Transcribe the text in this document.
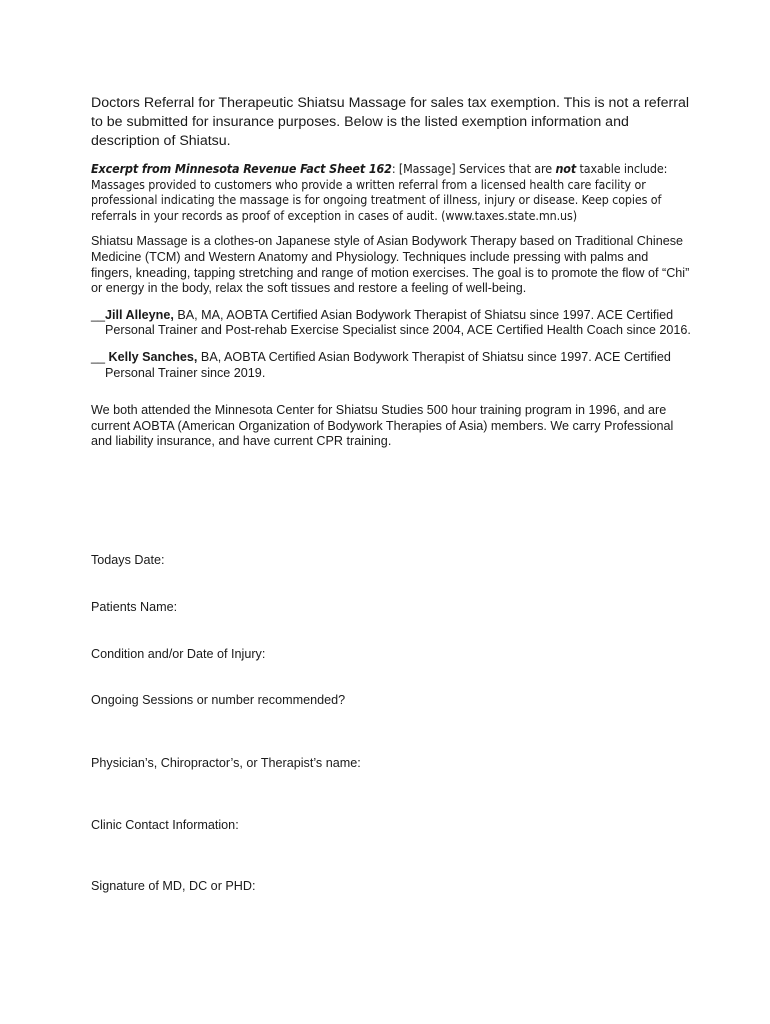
Doctors Referral for Therapeutic Shiatsu Massage for sales tax exemption. This is not a referral to be submitted for insurance purposes. Below is the listed exemption information and description of Shiatsu.

Excerpt from Minnesota Revenue Fact Sheet 162: [Massage] Services that are not taxable include: Massages provided to customers who provide a written referral from a licensed health care facility or professional indicating the massage is for ongoing treatment of illness, injury or disease. Keep copies of referrals in your records as proof of exception in cases of audit. (www.taxes.state.mn.us)

Shiatsu Massage is a clothes-on Japanese style of Asian Bodywork Therapy based on Traditional Chinese Medicine (TCM) and Western Anatomy and Physiology. Techniques include pressing with palms and fingers, kneading, tapping stretching and range of motion exercises. The goal is to promote the flow of “Chi” or energy in the body, relax the soft tissues and restore a feeling of well-being.

__Jill Alleyne, BA, MA, AOBTA Certified Asian Bodywork Therapist of Shiatsu since 1997. ACE Certified Personal Trainer and Post-rehab Exercise Specialist since 2004, ACE Certified Health Coach since 2016.

__ Kelly Sanches, BA, AOBTA Certified Asian Bodywork Therapist of Shiatsu since 1997. ACE Certified Personal Trainer since 2019.

We both attended the Minnesota Center for Shiatsu Studies 500 hour training program in 1996, and are current AOBTA (American Organization of Bodywork Therapies of Asia) members. We carry Professional and liability insurance, and have current CPR training.

Todays Date:
Patients Name:
Condition and/or Date of Injury:
Ongoing Sessions or number recommended?
Physician’s, Chiropractor’s, or Therapist’s name:
Clinic Contact Information:
Signature of MD, DC or PHD:
